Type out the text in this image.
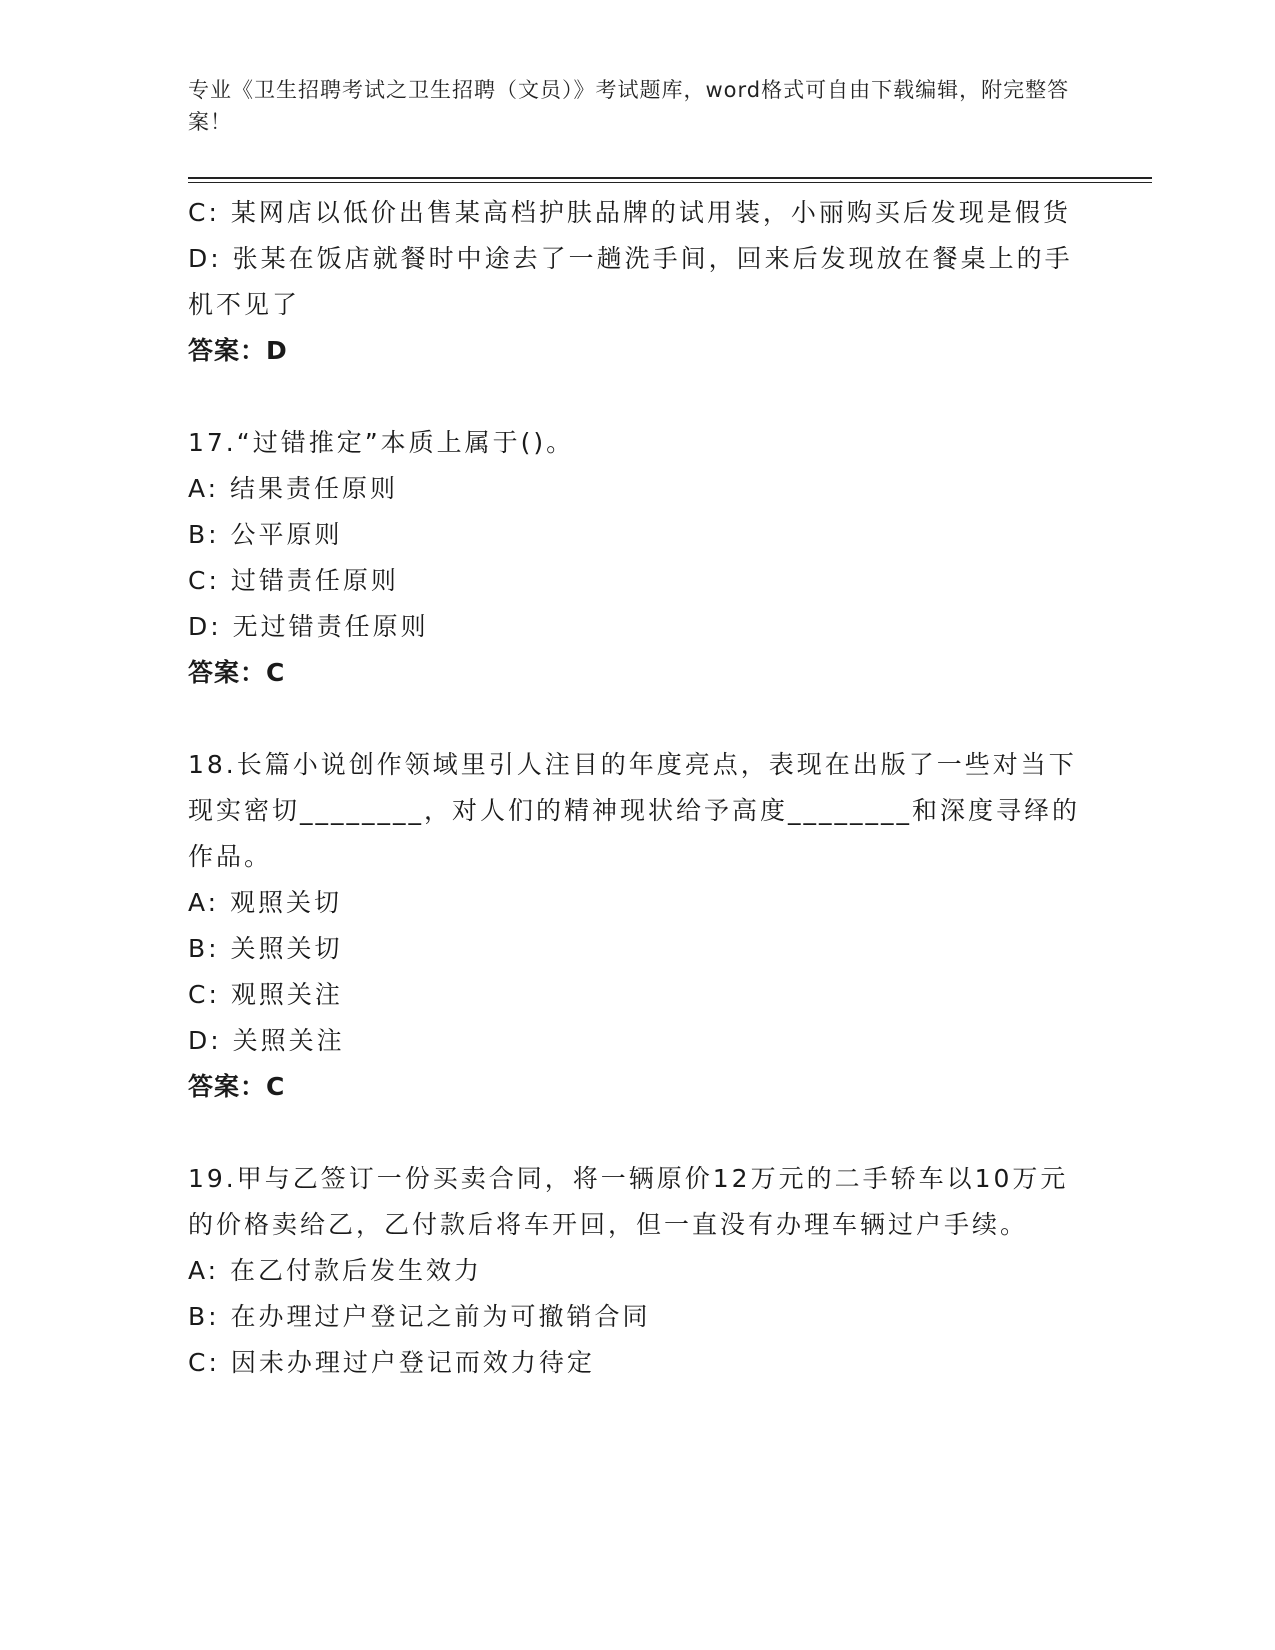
专业《卫生招聘考试之卫生招聘（文员）》考试题库，word格式可自由下载编辑，附完整答案！
C: 某网店以低价出售某高档护肤品牌的试用装，小丽购买后发现是假货
D: 张某在饭店就餐时中途去了一趟洗手间，回来后发现放在餐桌上的手机不见了
答案：D
17.“过错推定”本质上属于()。
A: 结果责任原则
B: 公平原则
C: 过错责任原则
D: 无过错责任原则
答案：C
18.长篇小说创作领域里引人注目的年度亮点，表现在出版了一些对当下现实密切________，对人们的精神现状给予高度________和深度寻绎的作品。
A: 观照关切
B: 关照关切
C: 观照关注
D: 关照关注
答案：C
19.甲与乙签订一份买卖合同，将一辆原价12万元的二手轿车以10万元的价格卖给乙，乙付款后将车开回，但一直没有办理车辆过户手续。
A: 在乙付款后发生效力
B: 在办理过户登记之前为可撤销合同
C: 因未办理过户登记而效力待定
